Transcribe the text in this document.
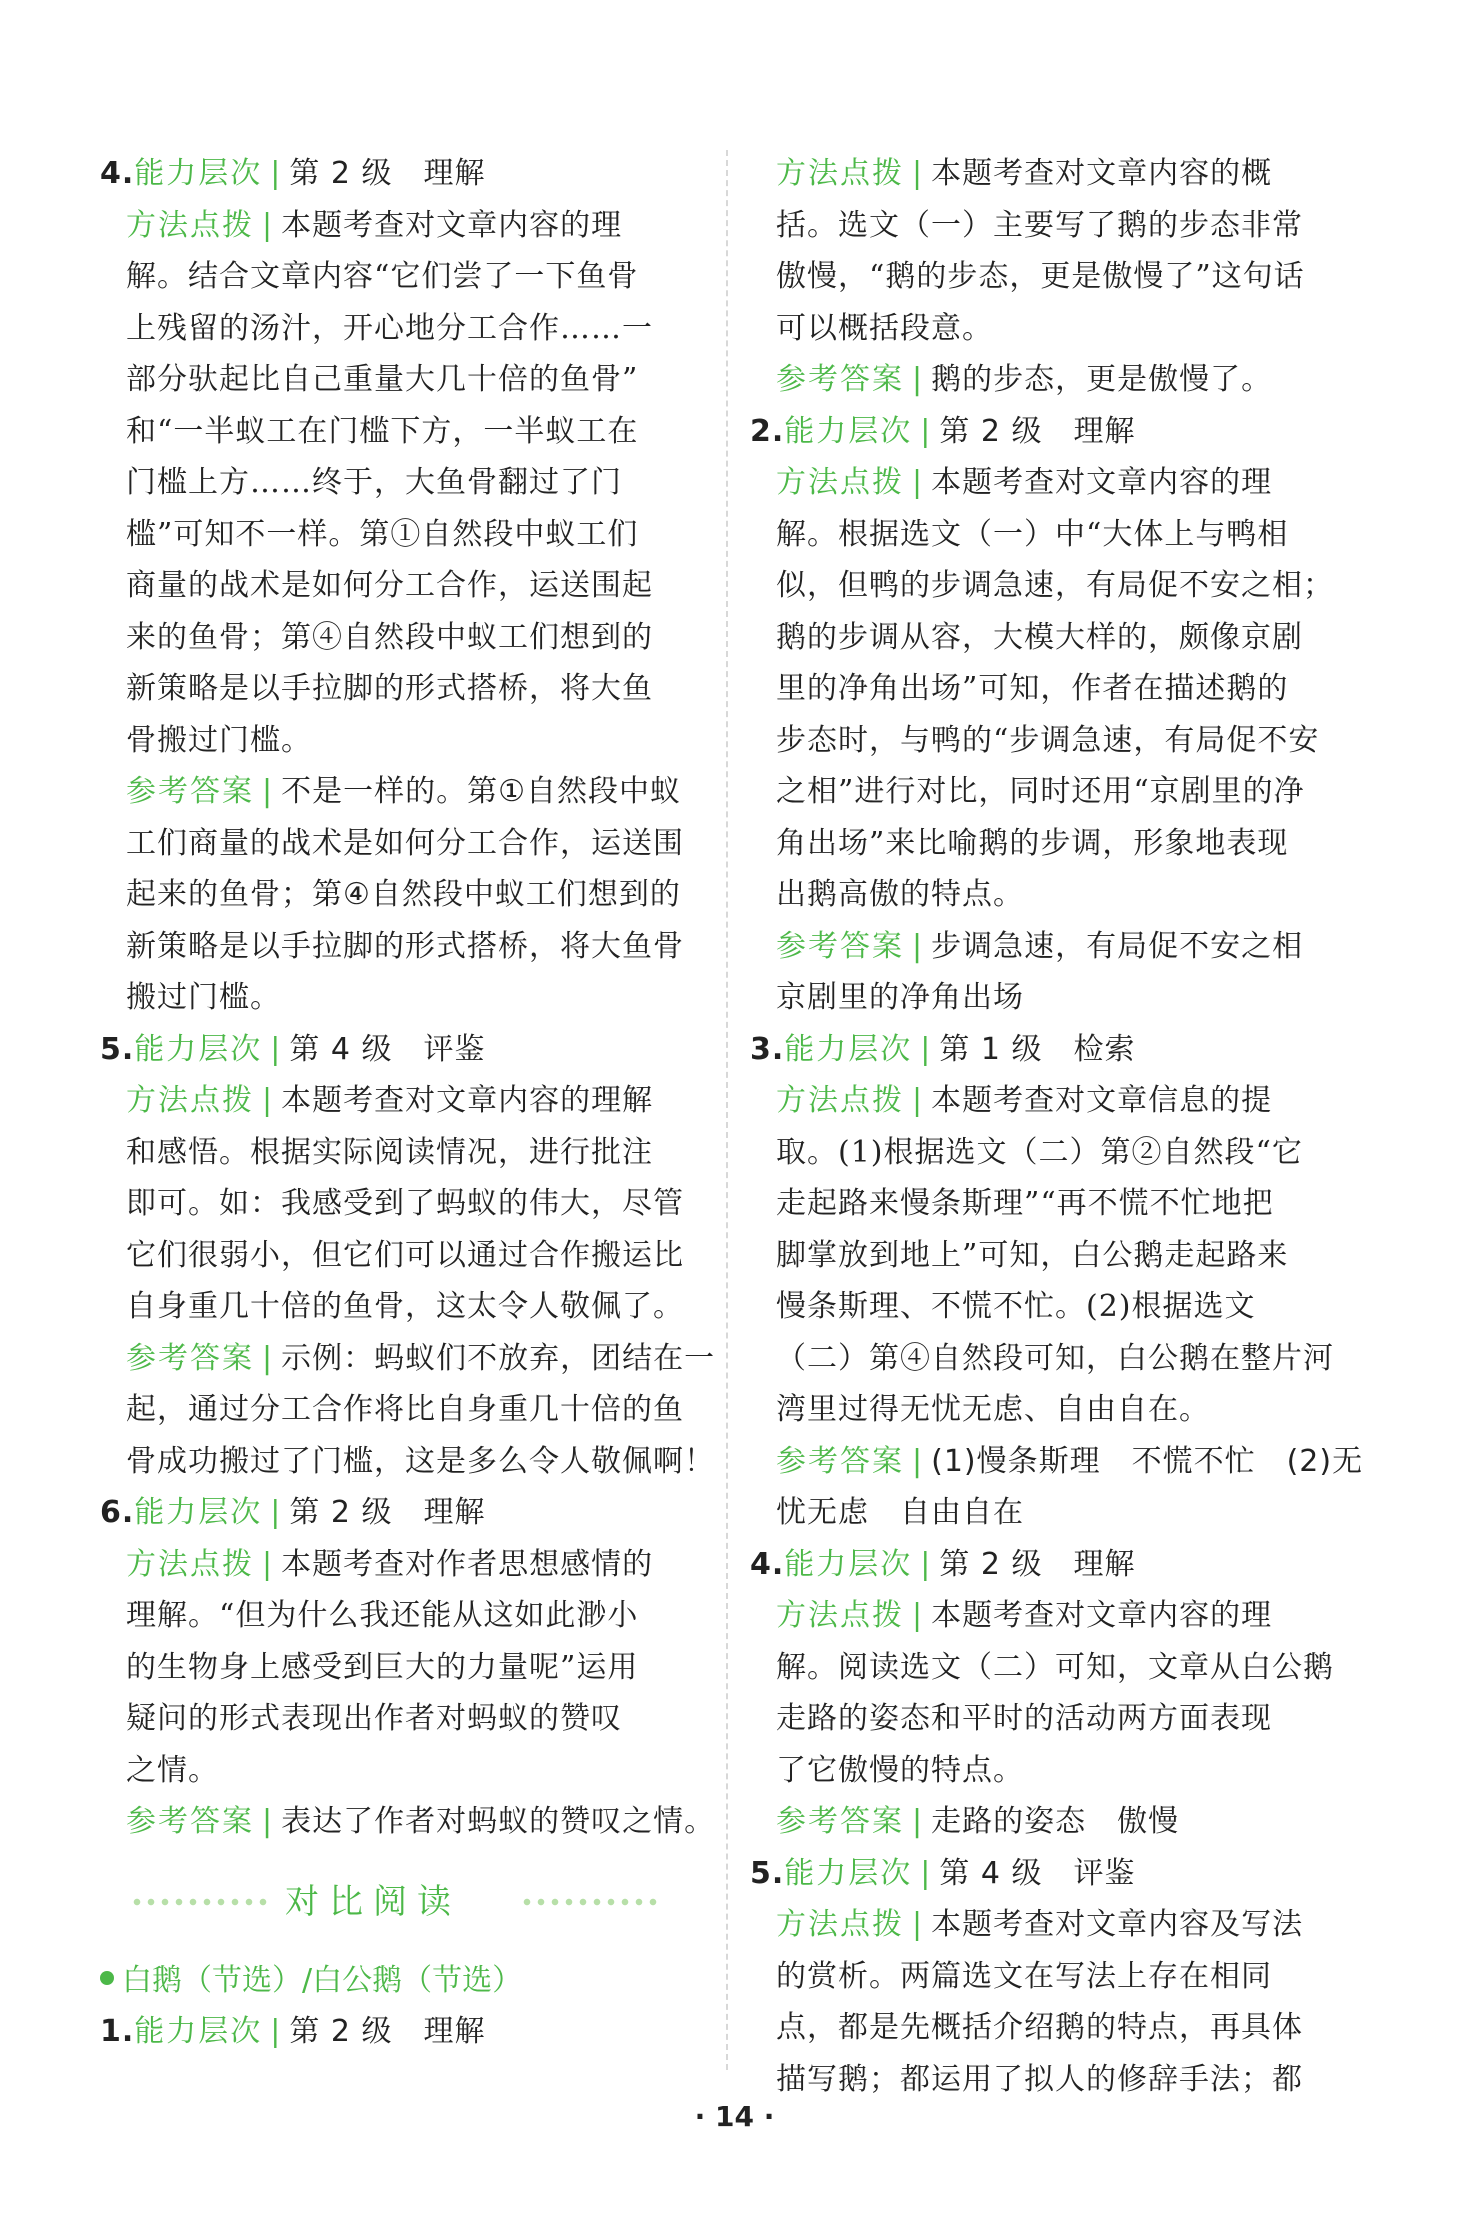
4.能力层次 | 第 2 级　理解
方法点拨 | 本题考查对文章内容的理
解。结合文章内容“它们尝了一下鱼骨
上残留的汤汁，开心地分工合作……一
部分驮起比自己重量大几十倍的鱼骨”
和“一半蚁工在门槛下方，一半蚁工在
门槛上方……终于，大鱼骨翻过了门
槛”可知不一样。第①自然段中蚁工们
商量的战术是如何分工合作，运送围起
来的鱼骨；第④自然段中蚁工们想到的
新策略是以手拉脚的形式搭桥，将大鱼
骨搬过门槛。
参考答案 | 不是一样的。第①自然段中蚁
工们商量的战术是如何分工合作，运送围
起来的鱼骨；第④自然段中蚁工们想到的
新策略是以手拉脚的形式搭桥，将大鱼骨
搬过门槛。
5.能力层次 | 第 4 级　评鉴
方法点拨 | 本题考查对文章内容的理解
和感悟。根据实际阅读情况，进行批注
即可。如：我感受到了蚂蚁的伟大，尽管
它们很弱小，但它们可以通过合作搬运比
自身重几十倍的鱼骨，这太令人敬佩了。
参考答案 | 示例：蚂蚁们不放弃，团结在一
起，通过分工合作将比自身重几十倍的鱼
骨成功搬过了门槛，这是多么令人敬佩啊！
6.能力层次 | 第 2 级　理解
方法点拨 | 本题考查对作者思想感情的
理解。“但为什么我还能从这如此渺小
的生物身上感受到巨大的力量呢”运用
疑问的形式表现出作者对蚂蚁的赞叹
之情。
参考答案 | 表达了作者对蚂蚁的赞叹之情。
对比阅读
白鹅（节选）/白公鹅（节选）
1.能力层次 | 第 2 级　理解
方法点拨 | 本题考查对文章内容的概
括。选文（一）主要写了鹅的步态非常
傲慢，“鹅的步态，更是傲慢了”这句话
可以概括段意。
参考答案 | 鹅的步态，更是傲慢了。
2.能力层次 | 第 2 级　理解
方法点拨 | 本题考查对文章内容的理
解。根据选文（一）中“大体上与鸭相
似，但鸭的步调急速，有局促不安之相；
鹅的步调从容，大模大样的，颇像京剧
里的净角出场”可知，作者在描述鹅的
步态时，与鸭的“步调急速，有局促不安
之相”进行对比，同时还用“京剧里的净
角出场”来比喻鹅的步调，形象地表现
出鹅高傲的特点。
参考答案 | 步调急速，有局促不安之相
京剧里的净角出场
3.能力层次 | 第 1 级　检索
方法点拨 | 本题考查对文章信息的提
取。(1)根据选文（二）第②自然段“它
走起路来慢条斯理”“再不慌不忙地把
脚掌放到地上”可知，白公鹅走起路来
慢条斯理、不慌不忙。(2)根据选文
（二）第④自然段可知，白公鹅在整片河
湾里过得无忧无虑、自由自在。
参考答案 | (1)慢条斯理　不慌不忙　(2)无
忧无虑　自由自在
4.能力层次 | 第 2 级　理解
方法点拨 | 本题考查对文章内容的理
解。阅读选文（二）可知，文章从白公鹅
走路的姿态和平时的活动两方面表现
了它傲慢的特点。
参考答案 | 走路的姿态　傲慢
5.能力层次 | 第 4 级　评鉴
方法点拨 | 本题考查对文章内容及写法
的赏析。两篇选文在写法上存在相同
点，都是先概括介绍鹅的特点，再具体
描写鹅；都运用了拟人的修辞手法；都
· 14 ·
